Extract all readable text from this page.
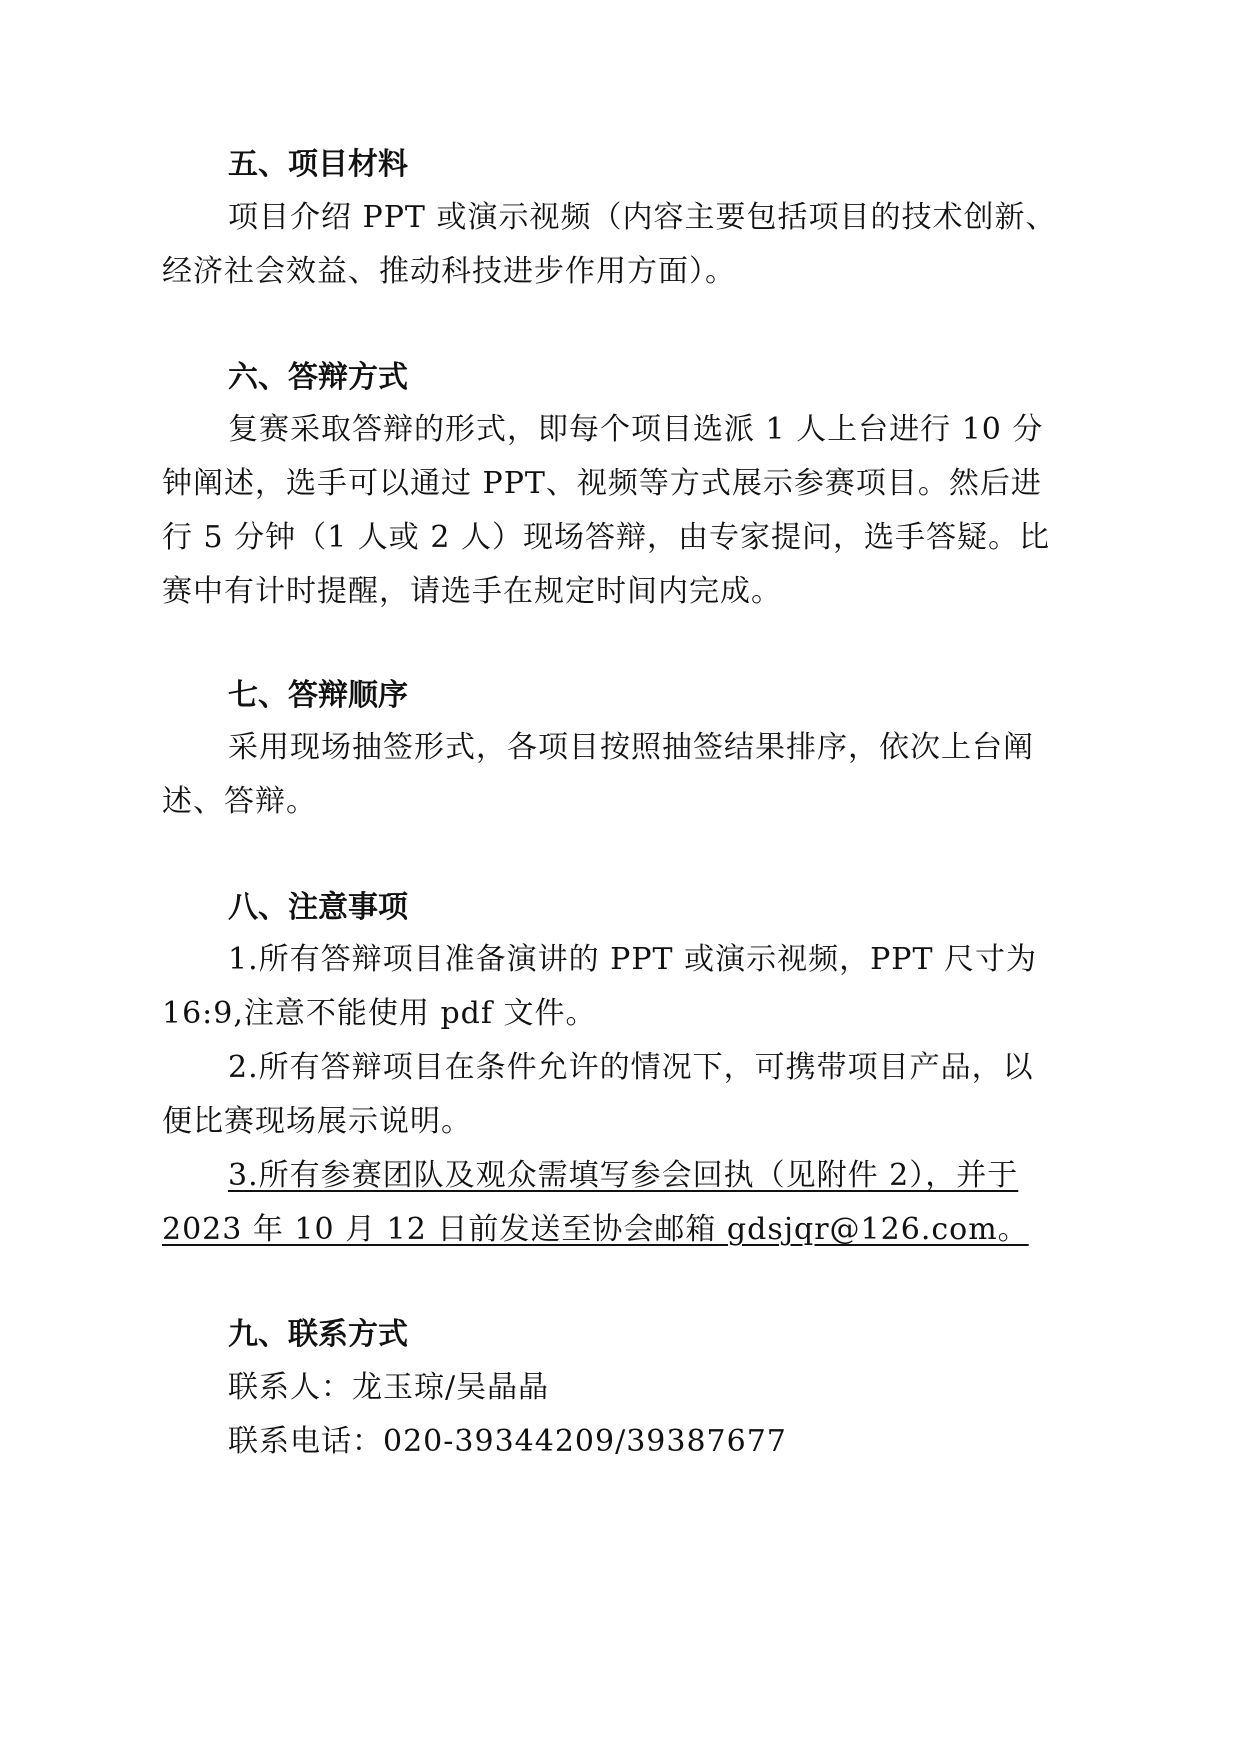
五、项目材料

项目介绍 PPT 或演示视频（内容主要包括项目的技术创新、

经济社会效益、推动科技进步作用方面）。

六、答辩方式

复赛采取答辩的形式，即每个项目选派 1 人上台进行 10 分

钟阐述，选手可以通过 PPT、视频等方式展示参赛项目。然后进

行 5 分钟（1 人或 2 人）现场答辩，由专家提问，选手答疑。比

赛中有计时提醒，请选手在规定时间内完成。

七、答辩顺序

采用现场抽签形式，各项目按照抽签结果排序，依次上台阐

述、答辩。

八、注意事项

1.所有答辩项目准备演讲的 PPT 或演示视频，PPT 尺寸为

16:9,注意不能使用 pdf 文件。

2.所有答辩项目在条件允许的情况下，可携带项目产品，以

便比赛现场展示说明。

3.所有参赛团队及观众需填写参会回执（见附件 2），并于

2023 年 10 月 12 日前发送至协会邮箱 gdsjqr@126.com。

九、联系方式

联系人：龙玉琼/吴晶晶

联系电话：020-39344209/39387677
